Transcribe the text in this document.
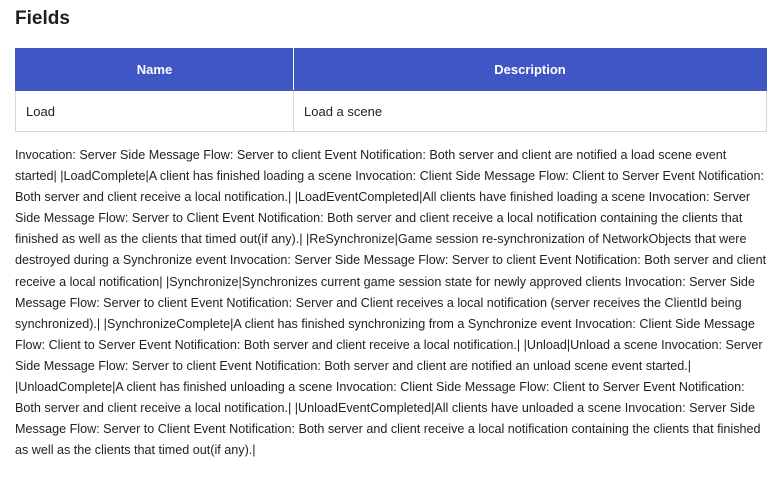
Fields
Name	Description
Load	Load a scene

Invocation: Server Side Message Flow: Server to client Event Notification: Both server and client are notified a load scene event started| |LoadComplete|A client has finished loading a scene Invocation: Client Side Message Flow: Client to Server Event Notification: Both server and client receive a local notification.| |LoadEventCompleted|All clients have finished loading a scene Invocation: Server Side Message Flow: Server to Client Event Notification: Both server and client receive a local notification containing the clients that finished as well as the clients that timed out(if any).| |ReSynchronize|Game session re-synchronization of NetworkObjects that were destroyed during a Synchronize event Invocation: Server Side Message Flow: Server to client Event Notification: Both server and client receive a local notification| |Synchronize|Synchronizes current game session state for newly approved clients Invocation: Server Side Message Flow: Server to client Event Notification: Server and Client receives a local notification (server receives the ClientId being synchronized).| |SynchronizeComplete|A client has finished synchronizing from a Synchronize event Invocation: Client Side Message Flow: Client to Server Event Notification: Both server and client receive a local notification.| |Unload|Unload a scene Invocation: Server Side Message Flow: Server to client Event Notification: Both server and client are notified an unload scene event started.| |UnloadComplete|A client has finished unloading a scene Invocation: Client Side Message Flow: Client to Server Event Notification: Both server and client receive a local notification.| |UnloadEventCompleted|All clients have unloaded a scene Invocation: Server Side Message Flow: Server to Client Event Notification: Both server and client receive a local notification containing the clients that finished as well as the clients that timed out(if any).|
